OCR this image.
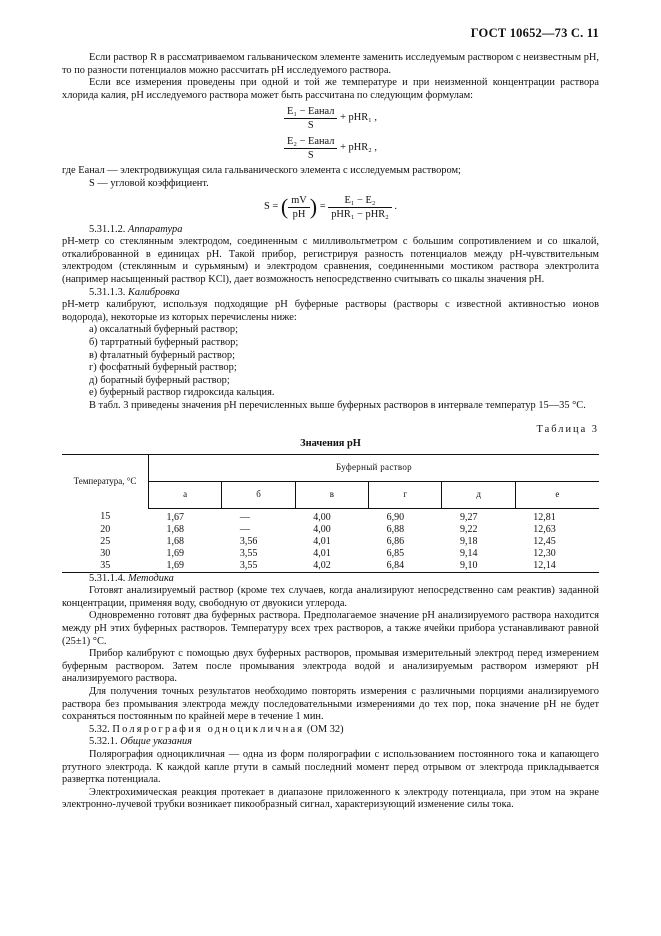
ГОСТ 10652—73 С. 11

Если раствор R в рассматриваемом гальваническом элементе заменить исследуемым раствором с неизвестным pH, то по разности потенциалов можно рассчитать pH исследуемого раствора.

Если все измерения проведены при одной и той же температуре и при неизменной концентрации раствора хлорида калия, pH исследуемого раствора может быть рассчитана по следующим формулам:

$\frac{\text{E₁ − Eанал}}{S} + pHR_1$ ,
$\frac{\text{E₂ − Eанал}}{S} + pHR_2$ ,

где Eанал — электродвижущая сила гальванического элемента с исследуемым раствором;

S — угловой коэффициент.

S = ( $\frac{mV}{pH}$ ) = $\frac{\text{E₁ − E₂}}{\text{pHR₁ − pHR₂}}$ .

5.31.1.2. Аппаратура

pH-метр со стеклянным электродом, соединенным с милливольтметром с большим сопротивлением и со шкалой, откалиброванной в единицах pH. Такой прибор, регистрируя разность потенциалов между pH-чувствительным электродом (стеклянным и сурьмяным) и электродом сравнения, соединенными мостиком раствора электролита (например насыщенный раствор KCl), дает возможность непосредственно считывать со шкалы значения pH.

5.31.1.3. Калибровка

pH-метр калибруют, используя подходящие pH буферные растворы (растворы с известной активностью ионов водорода), некоторые из которых перечислены ниже:

а) оксалатный буферный раствор;

б) тартратный буферный раствор;

в) фталатный буферный раствор;

г) фосфатный буферный раствор;

д) боратный буферный раствор;

е) буферный раствор гидроксида кальция.

В табл. 3 приведены значения pH перечисленных выше буферных растворов в интервале температур 15—35 °С.

Таблица 3
Значения pH
Температура, °С	Буферный раствор					
	а	б	в	г	д	е
15	1,67	—	4,00	6,90	9,27	12,81
20	1,68	—	4,00	6,88	9,22	12,63
25	1,68	3,56	4,01	6,86	9,18	12,45
30	1,69	3,55	4,01	6,85	9,14	12,30
35	1,69	3,55	4,02	6,84	9,10	12,14

5.31.1.4. Методика

Готовят анализируемый раствор (кроме тех случаев, когда анализируют непосредственно сам реактив) заданной концентрации, применяя воду, свободную от двуокиси углерода.

Одновременно готовят два буферных раствора. Предполагаемое значение pH анализируемого раствора находится между pH этих буферных растворов. Температуру всех трех растворов, а также ячейки прибора устанавливают равной (25±1) °С.

Прибор калибруют с помощью двух буферных растворов, промывая измерительный электрод перед измерением буферным раствором. Затем после промывания электрода водой и анализируемым раствором измеряют pH анализируемого раствора.

Для получения точных результатов необходимо повторять измерения с различными порциями анализируемого раствора без промывания электрода между последовательными измерениями до тех пор, пока значение pH не будет сохраняться постоянным по крайней мере в течение 1 мин.

5.32. Полярография одноцикличная (ОМ 32)

5.32.1. Общие указания

Полярография одноцикличная — одна из форм полярографии с использованием постоянного тока и капающего ртутного электрода. К каждой капле ртути в самый последний момент перед отрывом от электрода прикладывается развертка потенциала.

Электрохимическая реакция протекает в диапазоне приложенного к электроду потенциала, при этом на экране электронно-лучевой трубки возникает пикообразный сигнал, характеризующий изменение силы тока.
